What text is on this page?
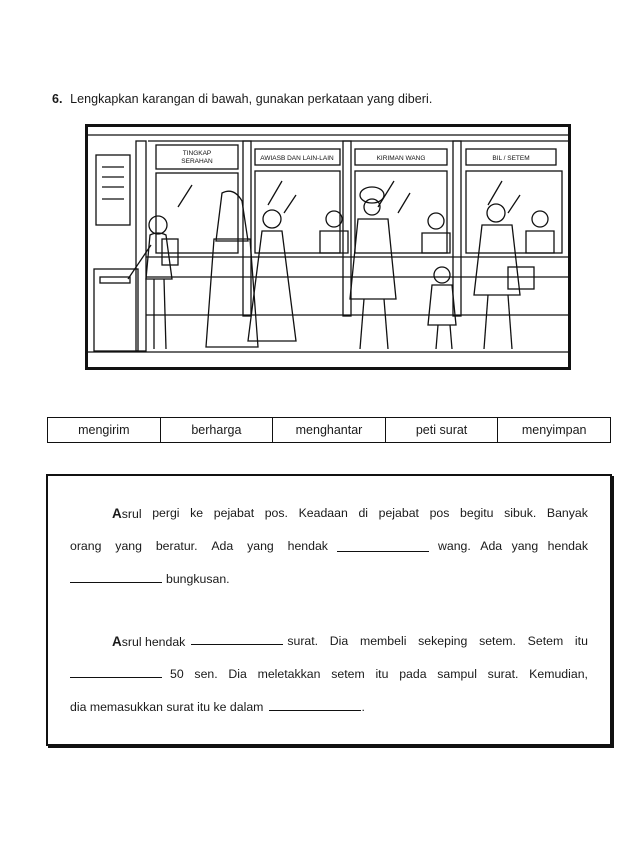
6. Lengkapkan karangan di bawah, gunakan perkataan yang diberi.
TINGKAP
SERAHAN	AWIASB DAN LAIN-LAIN	KIRIMAN WANG	BIL / SETEM
mengirim	berharga	menghantar	peti surat	menyimpan
Asrul pergi ke pejabat pos. Keadaan di pejabat pos begitu sibuk. Banyak
orang yang beratur. Ada yang hendak	wang. Ada yang hendak
bungkusan.
Asrul hendak	surat. Dia membeli sekeping setem. Setem itu
50 sen. Dia meletakkan setem itu pada sampul surat. Kemudian,
dia memasukkan surat itu ke dalam	.
